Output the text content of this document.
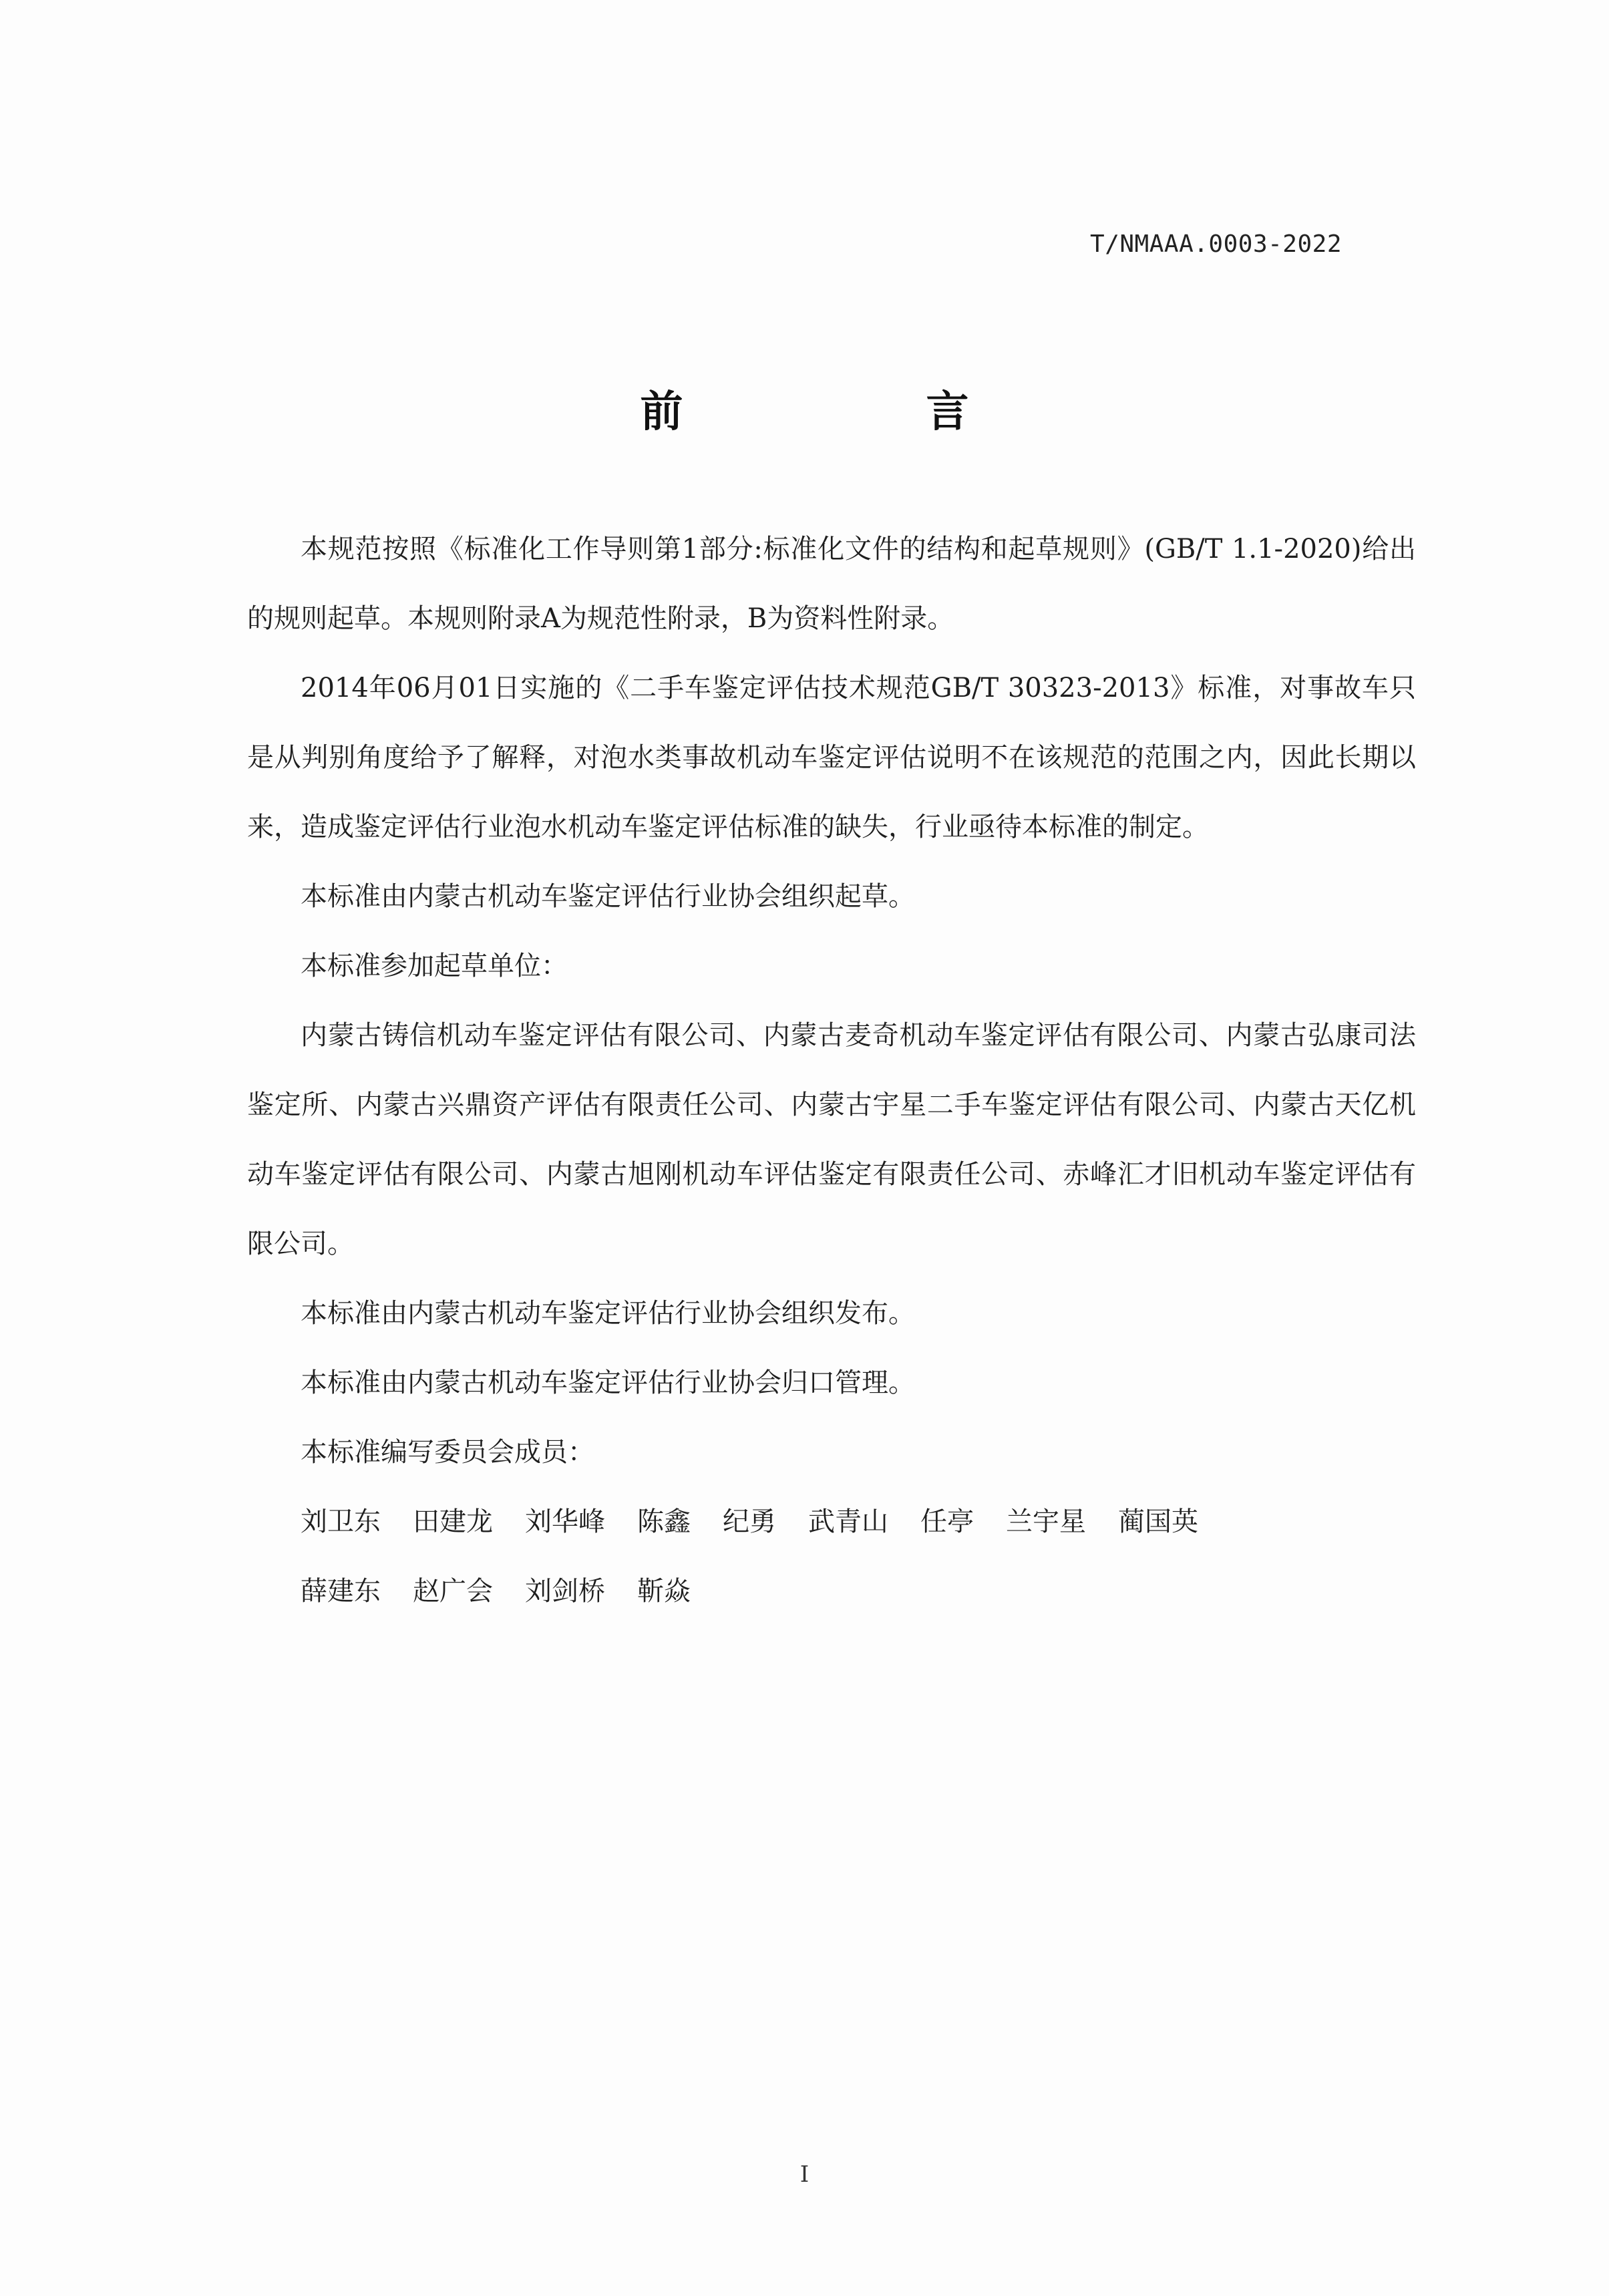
T/NMAAA.0003-2022
前　言

本规范按照《标准化工作导则第1部分:标准化文件的结构和起草规则》(GB/T 1.1-2020)给出的规则起草。本规则附录A为规范性附录，B为资料性附录。

2014年06月01日实施的《二手车鉴定评估技术规范GB/T 30323-2013》标准，对事故车只是从判别角度给予了解释，对泡水类事故机动车鉴定评估说明不在该规范的范围之内，因此长期以来，造成鉴定评估行业泡水机动车鉴定评估标准的缺失，行业亟待本标准的制定。

本标准由内蒙古机动车鉴定评估行业协会组织起草。

本标准参加起草单位：

内蒙古铸信机动车鉴定评估有限公司、内蒙古麦奇机动车鉴定评估有限公司、内蒙古弘康司法鉴定所、内蒙古兴鼎资产评估有限责任公司、内蒙古宇星二手车鉴定评估有限公司、内蒙古天亿机动车鉴定评估有限公司、内蒙古旭刚机动车评估鉴定有限责任公司、赤峰汇才旧机动车鉴定评估有限公司。

本标准由内蒙古机动车鉴定评估行业协会组织发布。

本标准由内蒙古机动车鉴定评估行业协会归口管理。

本标准编写委员会成员：

刘卫东 田建龙 刘华峰 陈鑫 纪勇 武青山 任亭 兰宇星 蔺国英

薛建东 赵广会 刘剑桥 靳焱

I
